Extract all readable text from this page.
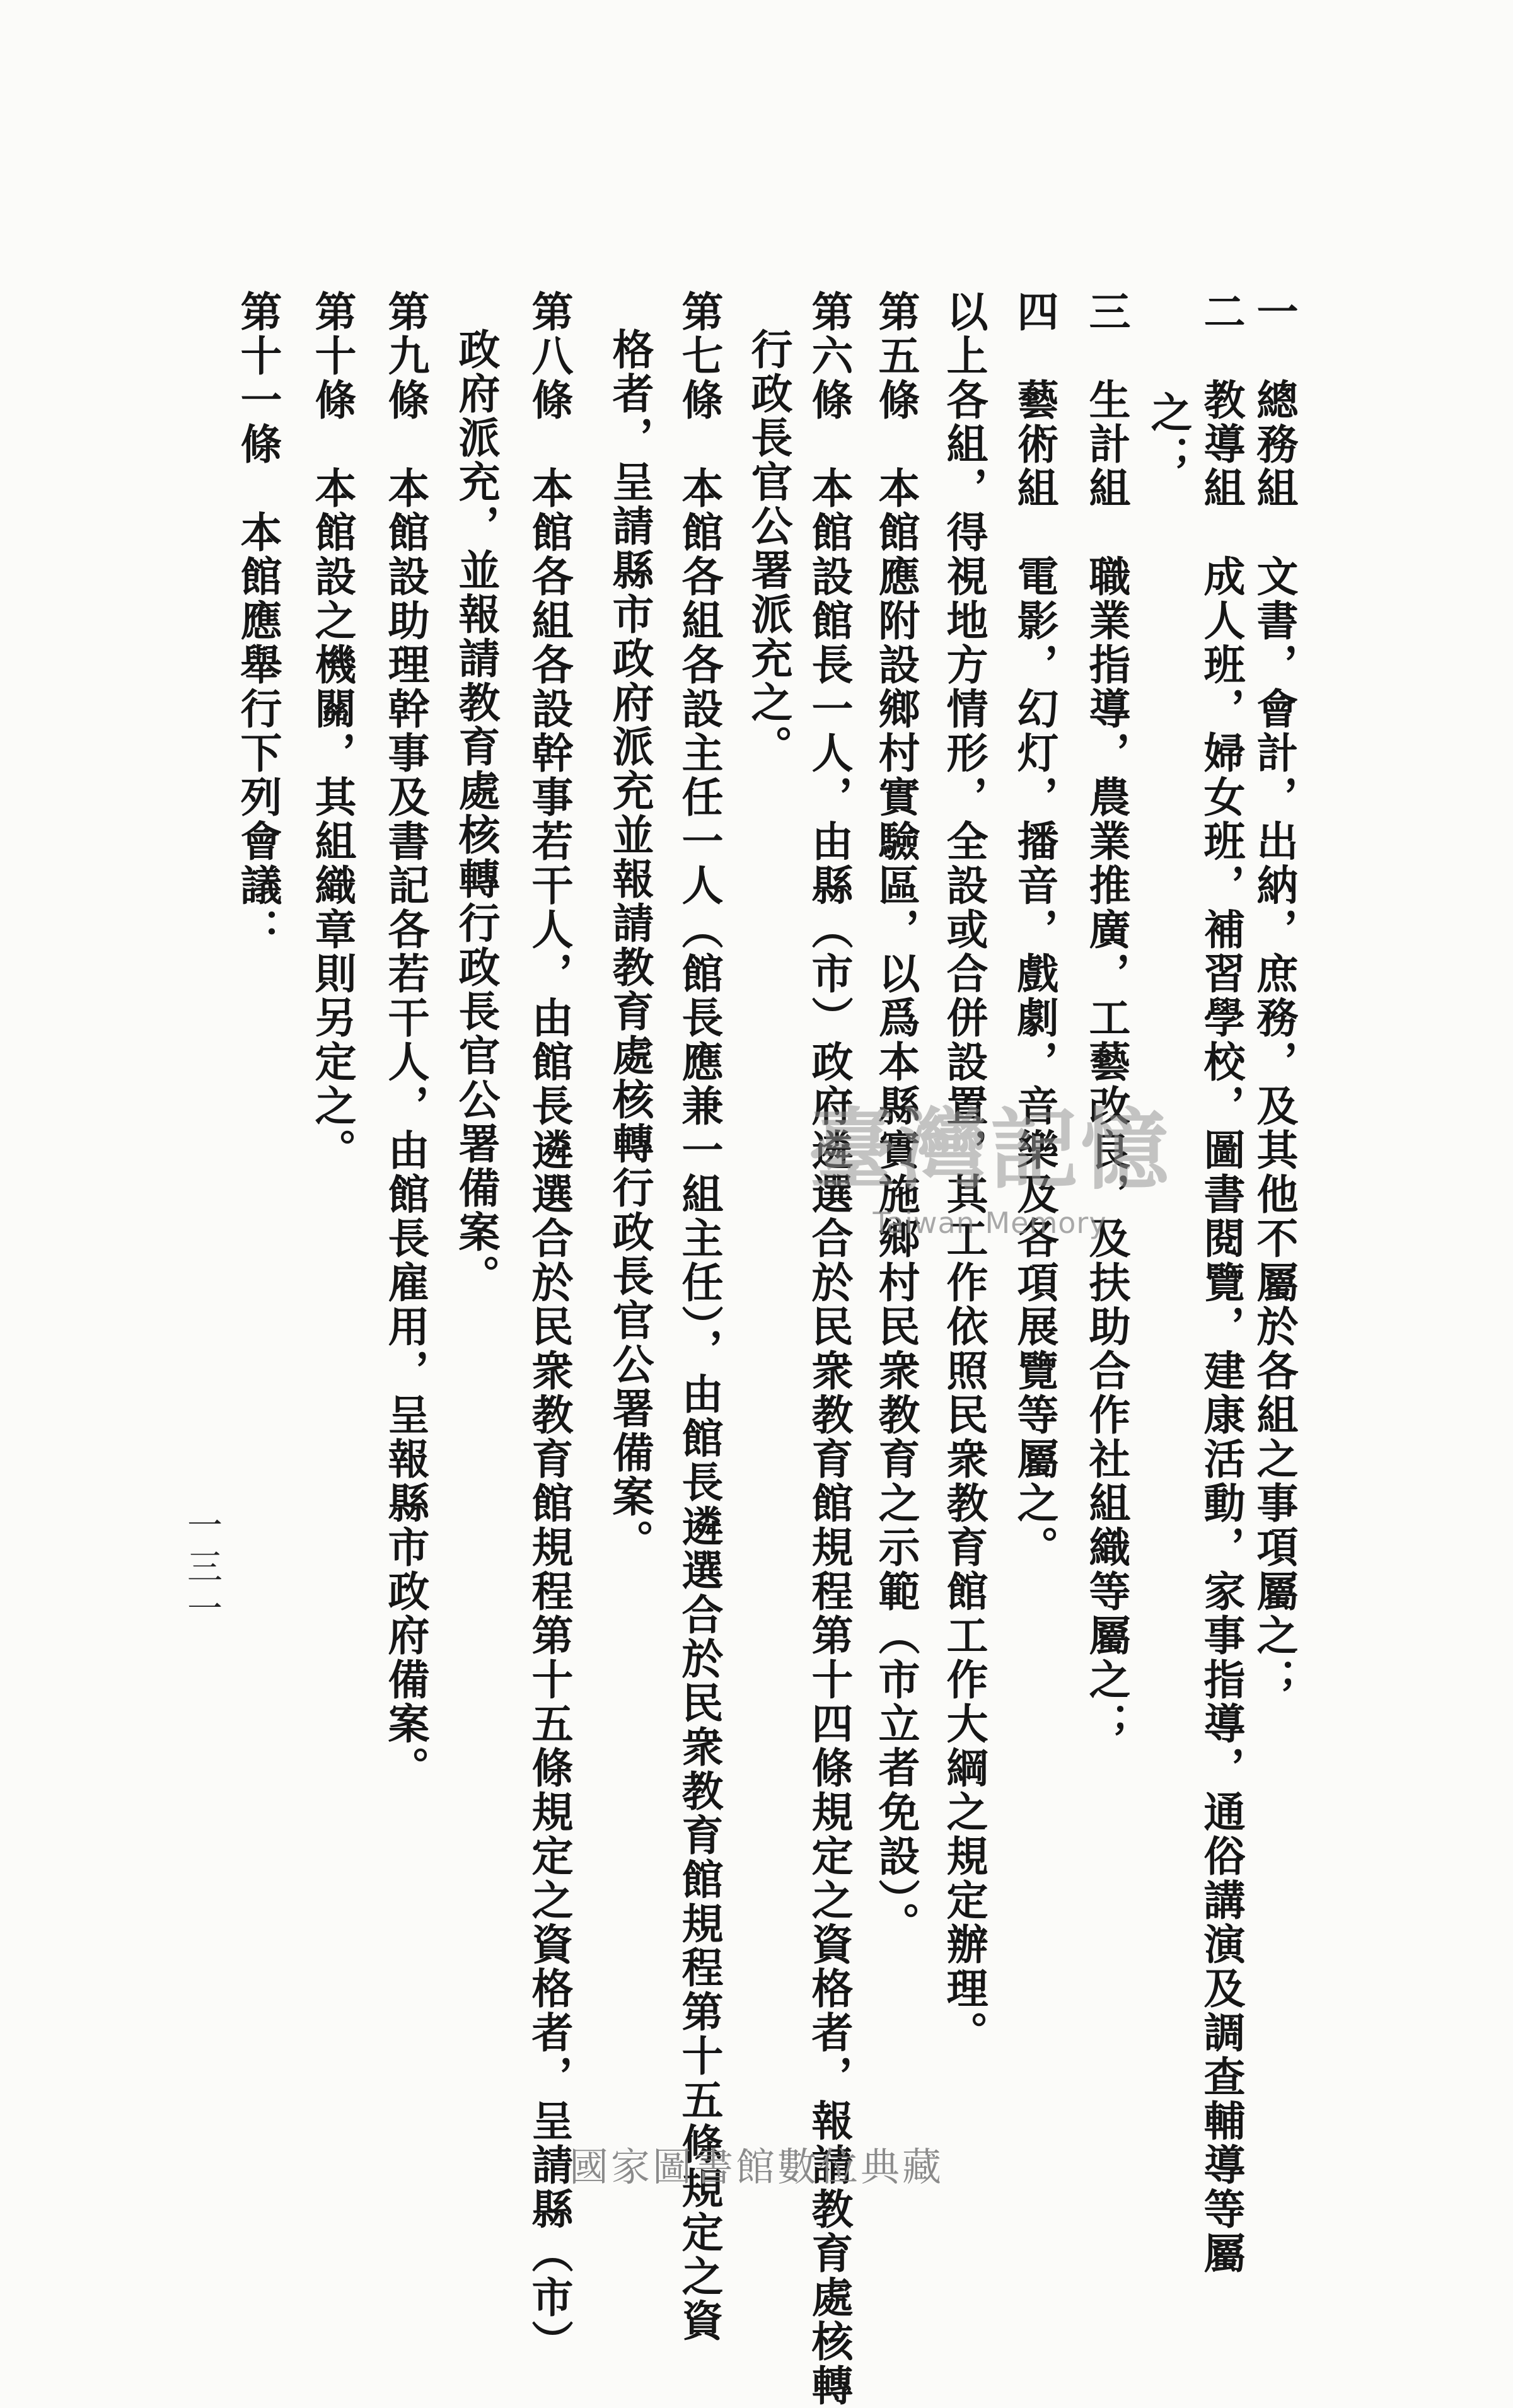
一　總務組　文書，會計，出納，庶務，及其他不屬於各組之事項屬之；
二　教導組　成人班，婦女班，補習學校，圖書閱覽，建康活動，家事指導，通俗講演及調查輔導等屬
之；
三　生計組　職業指導，農業推廣，工藝改良，及扶助合作社組織等屬之；
四　藝術組　電影，幻灯，播音，戲劇，音樂及各項展覽等屬之。
以上各組，得視地方情形，全設或合併設置，其工作依照民衆教育館工作大綱之規定辦理。
第五條　本館應附設鄉村實驗區，以爲本縣實施鄉村民衆教育之示範（市立者免設）。
第六條　本館設館長一人，由縣（市）政府遴選合於民衆教育館規程第十四條規定之資格者，報請教育處核轉
行政長官公署派充之。
第七條　本館各組各設主任一人（館長應兼一組主任），由館長遴選合於民衆教育館規程第十五條規定之資
格者，呈請縣市政府派充並報請教育處核轉行政長官公署備案。
第八條　本館各組各設幹事若干人，由館長遴選合於民衆教育館規程第十五條規定之資格者，呈請縣（市）
政府派充，並報請教育處核轉行政長官公署備案。
第九條　本館設助理幹事及書記各若干人，由館長雇用，呈報縣市政府備案。
第十條　本館設之機關，其組織章則另定之。
第十一條　本館應舉行下列會議：
一三一
臺灣記憶
Taiwan Memory
國家圖書館數位典藏
